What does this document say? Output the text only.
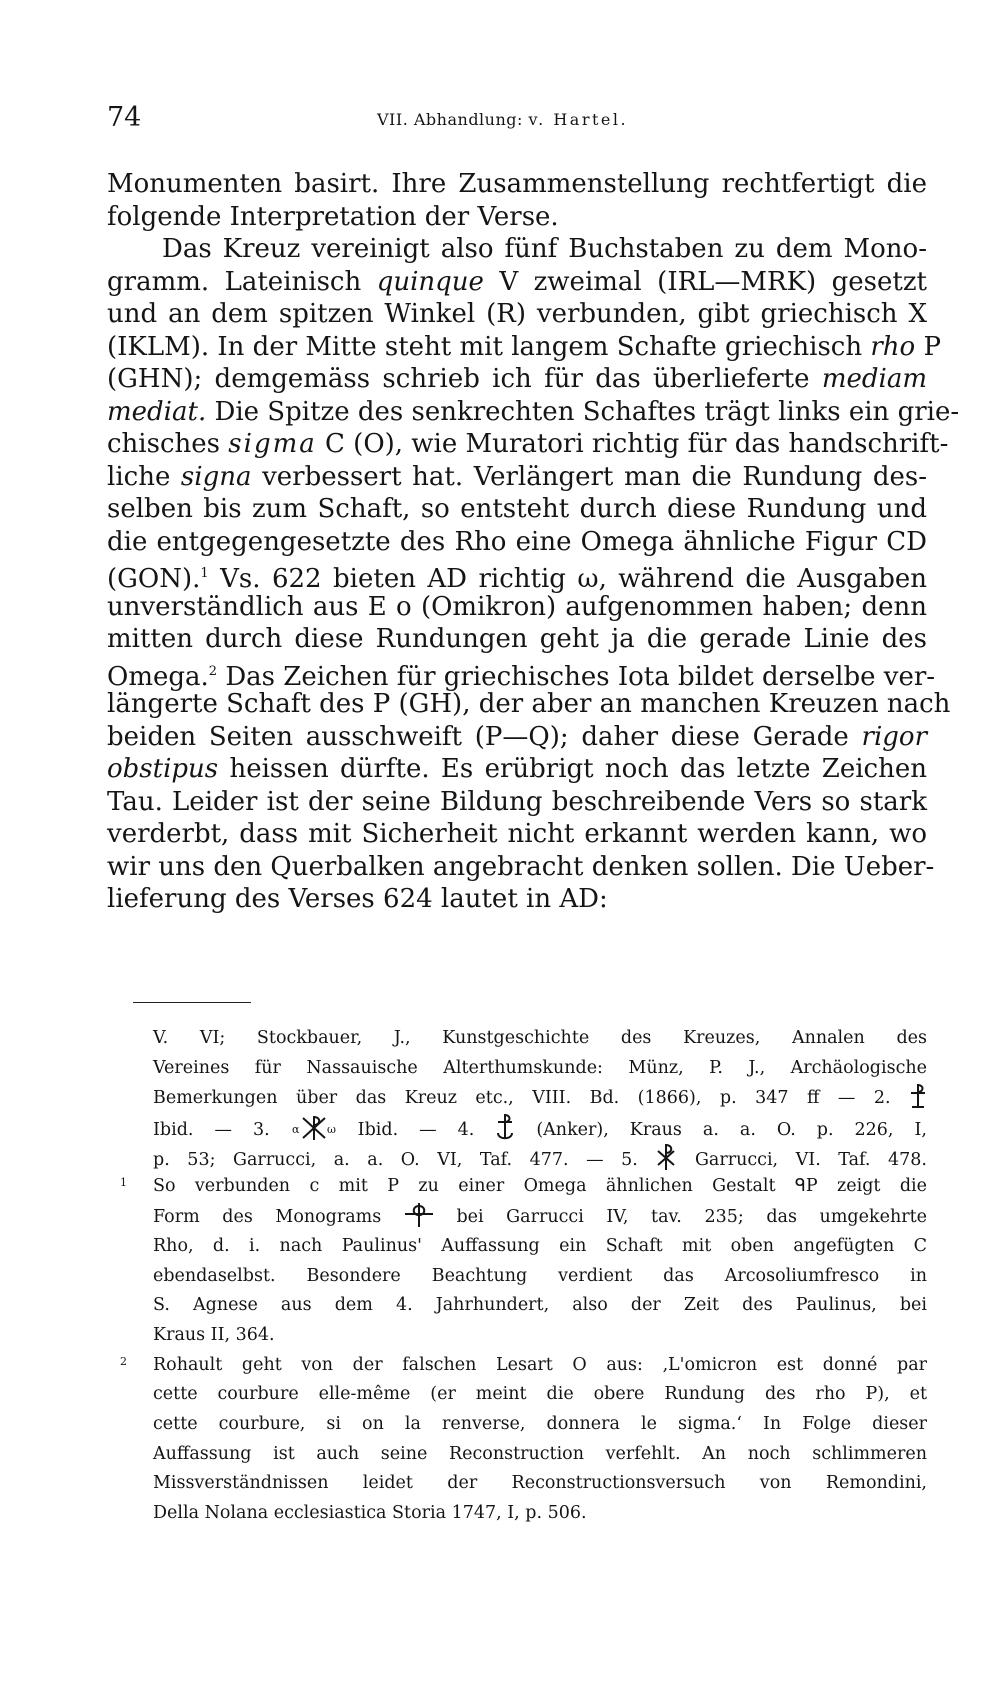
74	VII. Abhandlung: v. Hartel.
Monumenten basirt. Ihre Zusammenstellung rechtfertigt die
folgende Interpretation der Verse.
Das Kreuz vereinigt also fünf Buchstaben zu dem Mono-
gramm. Lateinisch quinque V zweimal (IRL—MRK) gesetzt
und an dem spitzen Winkel (R) verbunden, gibt griechisch X
(IKLM). In der Mitte steht mit langem Schafte griechisch rho P
(GHN); demgemäss schrieb ich für das überlieferte mediam
mediat. Die Spitze des senkrechten Schaftes trägt links ein grie-
chisches sigma C (O), wie Muratori richtig für das handschrift-
liche signa verbessert hat. Verlängert man die Rundung des-
selben bis zum Schaft, so entsteht durch diese Rundung und
die entgegengesetzte des Rho eine Omega ähnliche Figur CD
(GON).$^1$ Vs. 622 bieten AD richtig ω, während die Ausgaben
unverständlich aus E o (Omikron) aufgenommen haben; denn
mitten durch diese Rundungen geht ja die gerade Linie des
Omega.$^2$ Das Zeichen für griechisches Iota bildet derselbe ver-
längerte Schaft des P (GH), der aber an manchen Kreuzen nach
beiden Seiten ausschweift (P—Q); daher diese Gerade rigor
obstipus heissen dürfte. Es erübrigt noch das letzte Zeichen
Tau. Leider ist der seine Bildung beschreibende Vers so stark
verderbt, dass mit Sicherheit nicht erkannt werden kann, wo
wir uns den Querbalken angebracht denken sollen. Die Ueber-
lieferung des Verses 624 lautet in AD:
V. VI; Stockbauer, J., Kunstgeschichte des Kreuzes, Annalen des
Vereines für Nassauische Alterthumskunde: Münz, P. J., Archäologische
Bemerkungen über das Kreuz etc., VIII. Bd. (1866), p. 347 ff — 2.
Ibid. — 3. α	ω Ibid. — 4.	(Anker), Kraus a. a. O. p. 226, I,
p. 53; Garrucci, a. a. O. VI, Taf. 477. — 5.	Garrucci, VI. Taf. 478.
1 So verbunden c mit P zu einer Omega ähnlichen Gestalt ᑫP zeigt die
Form des Monograms	bei Garrucci IV, tav. 235; das umgekehrte
Rho, d. i. nach Paulinus' Auffassung ein Schaft mit oben angefügten C
ebendaselbst. Besondere Beachtung verdient das Arcosoliumfresco in
S. Agnese aus dem 4. Jahrhundert, also der Zeit des Paulinus, bei
Kraus II, 364.
2 Rohault geht von der falschen Lesart O aus: ‚L'omicron est donné par
cette courbure elle-même (er meint die obere Rundung des rho P), et
cette courbure, si on la renverse, donnera le sigma.‘ In Folge dieser
Auffassung ist auch seine Reconstruction verfehlt. An noch schlimmeren
Missverständnissen leidet der Reconstructionsversuch von Remondini,
Della Nolana ecclesiastica Storia 1747, I, p. 506.
